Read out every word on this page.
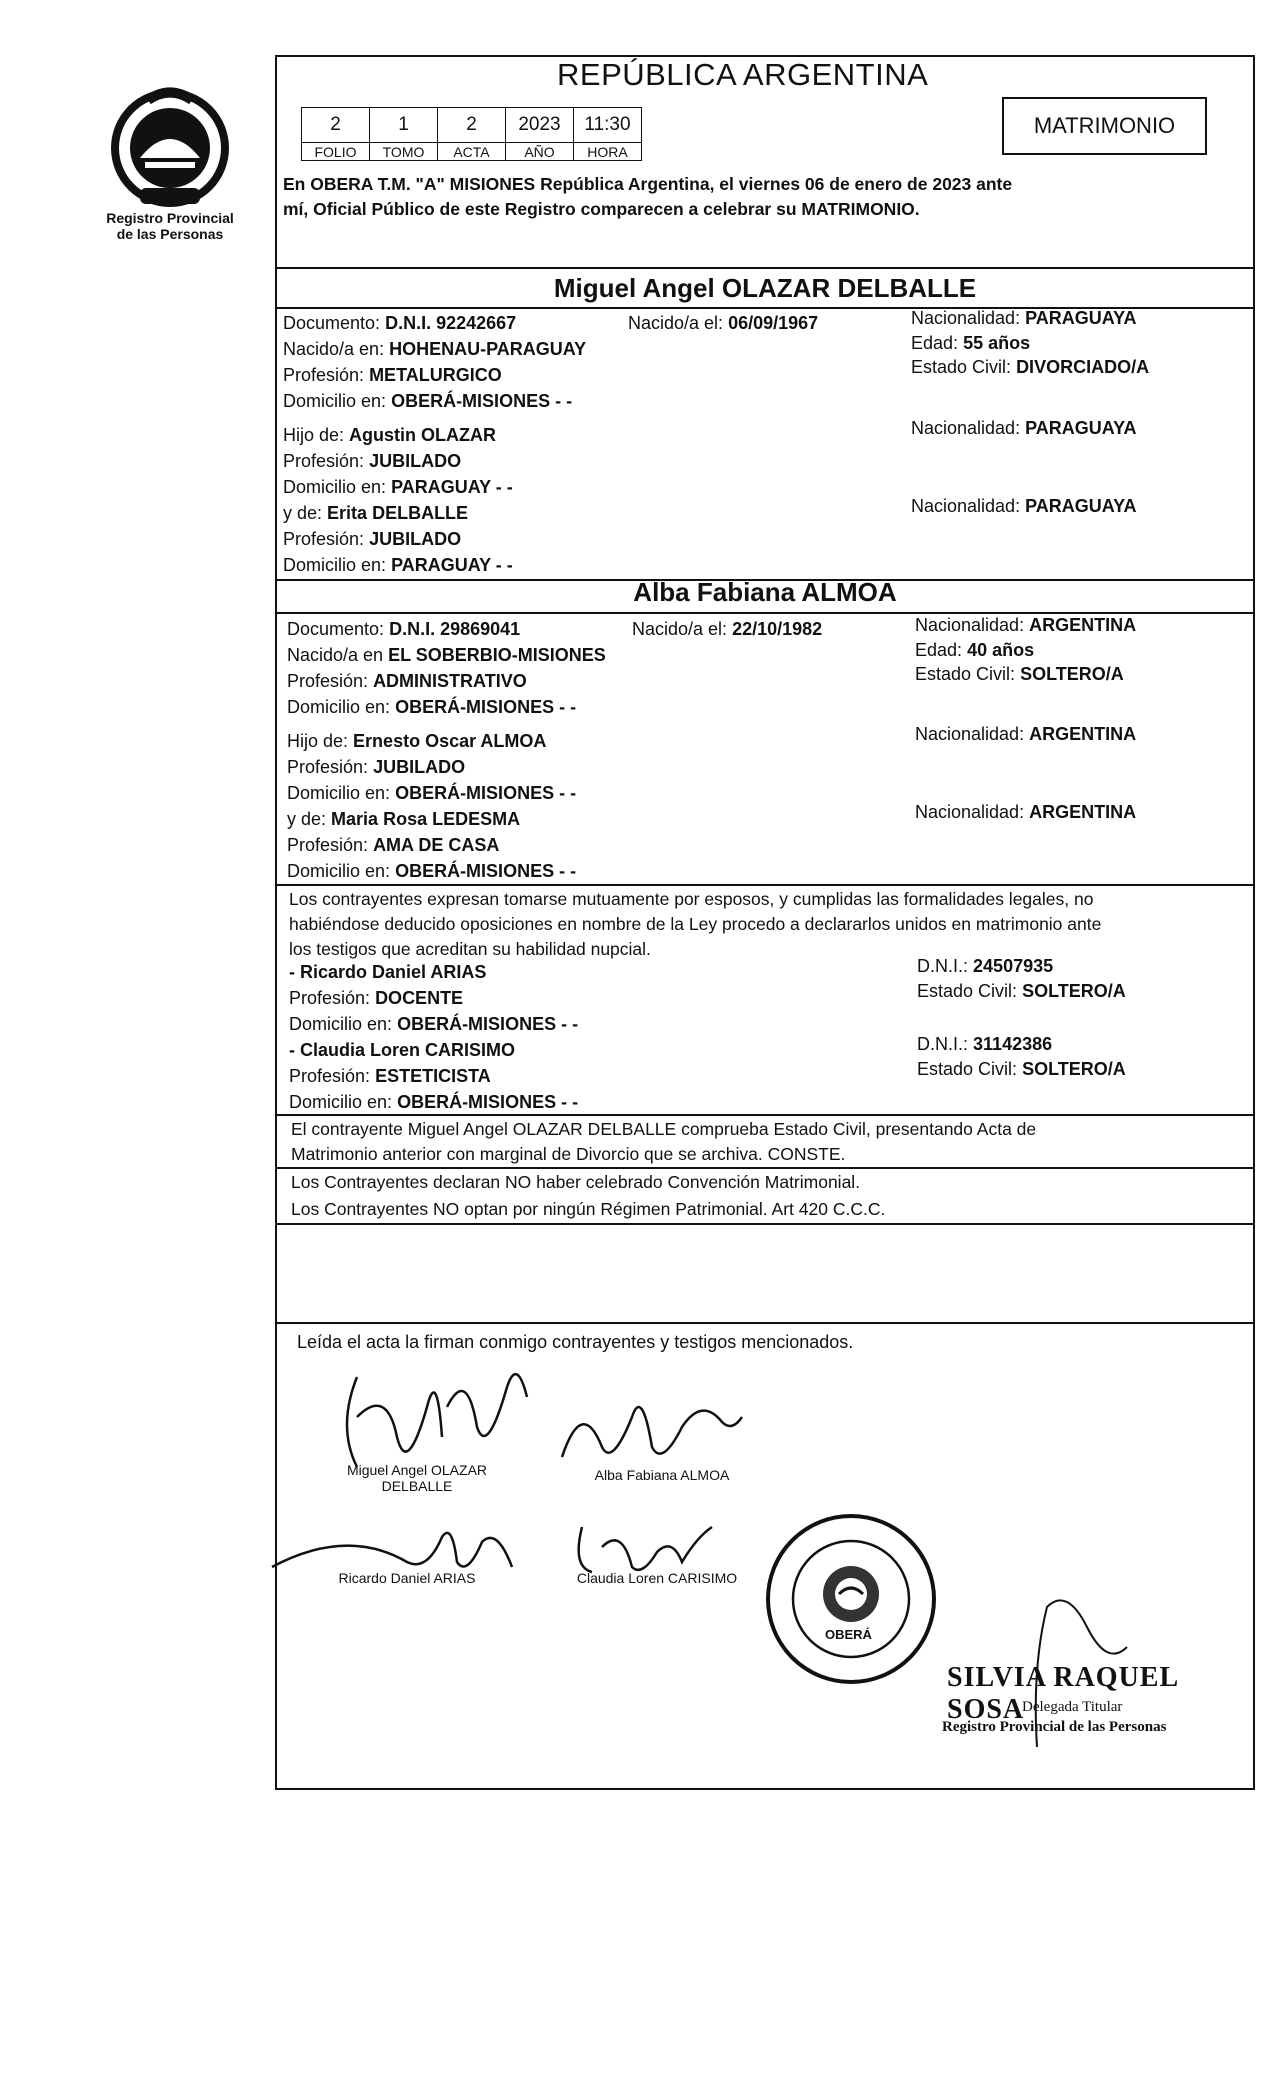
Registro Provincial
de las Personas
REPÚBLICA ARGENTINA
MATRIMONIO
2	1	2	2023	11:30
FOLIO	TOMO	ACTA	AÑO	HORA
En OBERA T.M. "A" MISIONES República Argentina, el viernes 06 de enero de 2023 ante
mí, Oficial Público de este Registro comparecen a celebrar su MATRIMONIO.
Miguel Angel OLAZAR DELBALLE
Documento: D.N.I. 92242667	Nacido/a el: 06/09/1967	Nacionalidad: PARAGUAYA
Nacido/a en: HOHENAU-PARAGUAY	Edad: 55 años
Profesión: METALURGICO	Estado Civil: DIVORCIADO/A
Domicilio en: OBERÁ-MISIONES - -
Hijo de: Agustin OLAZAR	Nacionalidad: PARAGUAYA
Profesión: JUBILADO
Domicilio en: PARAGUAY - -
y de: Erita DELBALLE	Nacionalidad: PARAGUAYA
Profesión: JUBILADO
Domicilio en: PARAGUAY - -
Alba Fabiana ALMOA
Documento: D.N.I. 29869041	Nacido/a el: 22/10/1982	Nacionalidad: ARGENTINA
Nacido/a en EL SOBERBIO-MISIONES	Edad: 40 años
Profesión: ADMINISTRATIVO	Estado Civil: SOLTERO/A
Domicilio en: OBERÁ-MISIONES - -
Hijo de: Ernesto Oscar ALMOA	Nacionalidad: ARGENTINA
Profesión: JUBILADO
Domicilio en: OBERÁ-MISIONES - -
y de: Maria Rosa LEDESMA	Nacionalidad: ARGENTINA
Profesión: AMA DE CASA
Domicilio en: OBERÁ-MISIONES - -
Los contrayentes expresan tomarse mutuamente por esposos, y cumplidas las formalidades legales, no
habiéndose deducido oposiciones en nombre de la Ley procedo a declararlos unidos en matrimonio ante
los testigos que acreditan su habilidad nupcial.
- Ricardo Daniel ARIAS	D.N.I.: 24507935
Profesión: DOCENTE	Estado Civil: SOLTERO/A
Domicilio en: OBERÁ-MISIONES - -
- Claudia Loren CARISIMO	D.N.I.: 31142386
Profesión: ESTETICISTA	Estado Civil: SOLTERO/A
Domicilio en: OBERÁ-MISIONES - -
El contrayente Miguel Angel OLAZAR DELBALLE comprueba Estado Civil, presentando Acta de
Matrimonio anterior con marginal de Divorcio que se archiva. CONSTE.
Los Contrayentes declaran NO haber celebrado Convención Matrimonial.
Los Contrayentes NO optan por ningún Régimen Patrimonial. Art 420 C.C.C.
Leída el acta la firman conmigo contrayentes y testigos mencionados.
Miguel Angel OLAZAR
DELBALLE
Alba Fabiana ALMOA
Ricardo Daniel ARIAS	Claudia Loren CARISIMO
OBERÁ
SILVIA RAQUEL SOSA
Delegada Titular
Registro Provincial de las Personas
